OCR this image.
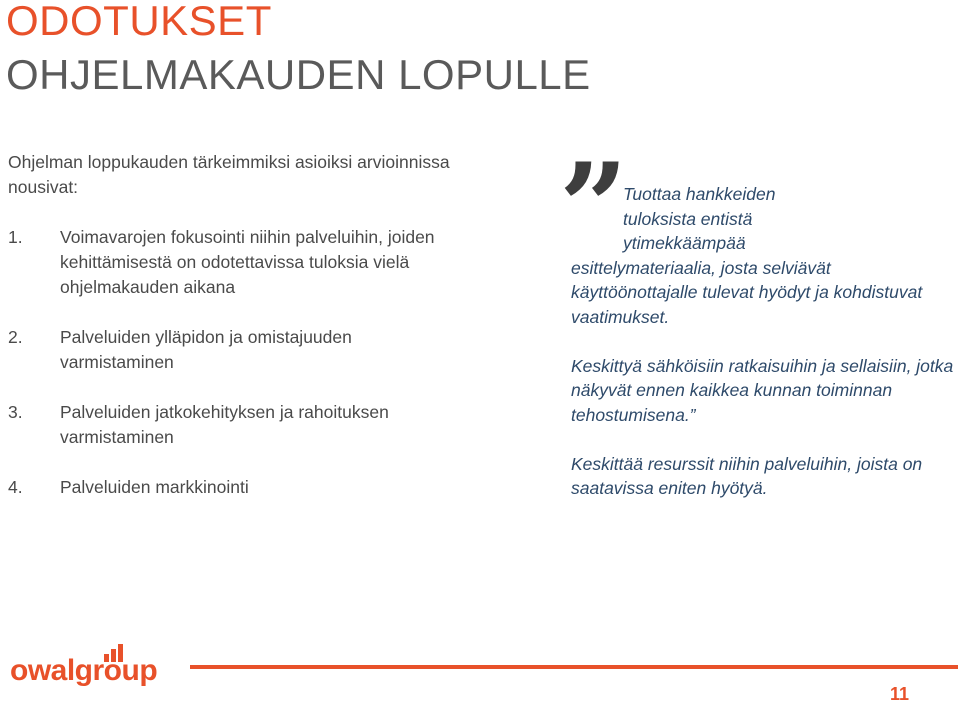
ODOTUKSET
OHJELMAKAUDEN LOPULLE

Ohjelman loppukauden tärkeimmiksi asioiksi arvioinnissa nousivat:

1.	Voimavarojen fokusointi niihin palveluihin, joiden kehittämisestä on odotettavissa tuloksia vielä ohjelmakauden aikana
2.	Palveluiden ylläpidon ja omistajuuden varmistaminen
3.	Palveluiden jatkokehityksen ja rahoituksen varmistaminen
4.	Palveluiden markkinointi
”

Tuottaa hankkeiden
tuloksista entistä
ytimekkäämpää
esittelymateriaalia, josta selviävät käyttöönottajalle tulevat hyödyt ja kohdistuvat vaatimukset.

Keskittyä sähköisiin ratkaisuihin ja sellaisiin, jotka näkyvät ennen kaikkea kunnan toiminnan tehostumisena.”

Keskittää resurssit niihin palveluihin, joista on saatavissa eniten hyötyä.

owalgroup
11
